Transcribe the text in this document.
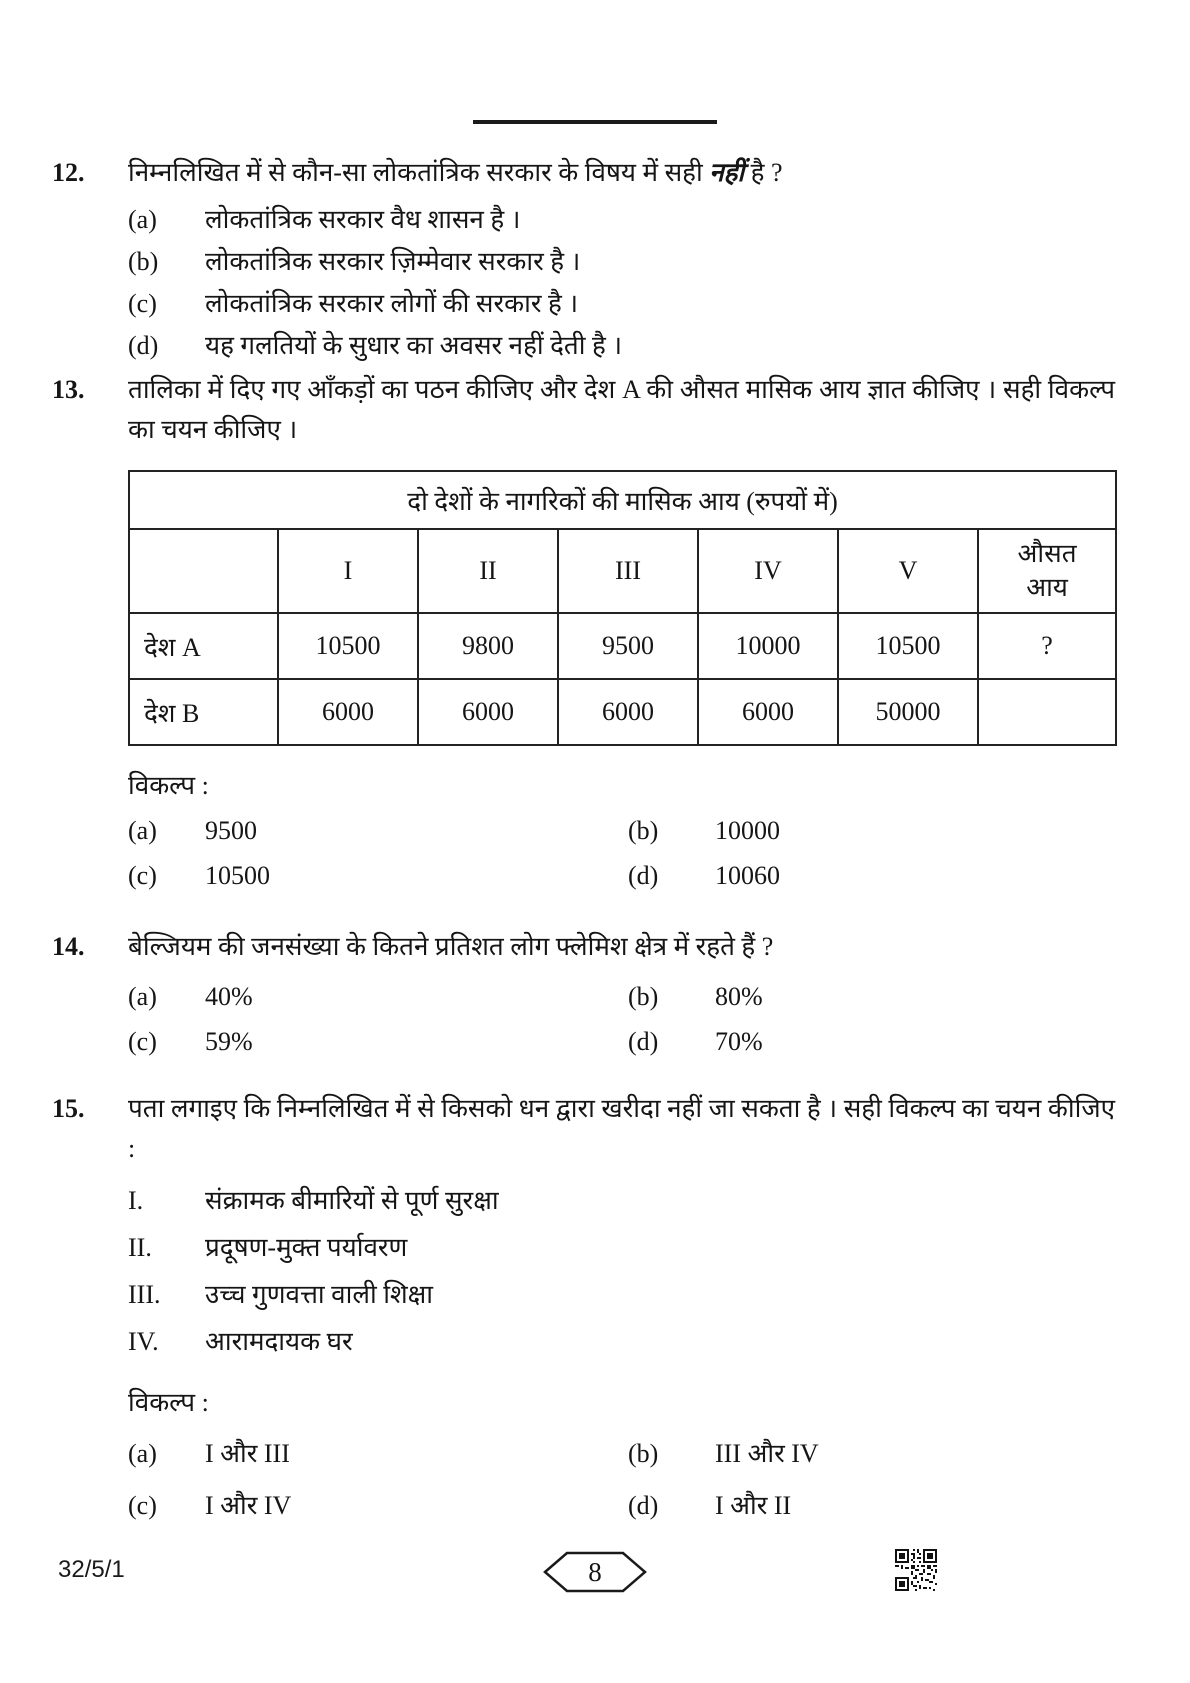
12.	निम्नलिखित में से कौन-सा लोकतांत्रिक सरकार के विषय में सही नहीं है ?
(a)	लोकतांत्रिक सरकार वैध शासन है ।
(b)	लोकतांत्रिक सरकार ज़िम्मेवार सरकार है ।
(c)	लोकतांत्रिक सरकार लोगों की सरकार है ।
(d)	यह गलतियों के सुधार का अवसर नहीं देती है ।
13.	तालिका में दिए गए आँकड़ों का पठन कीजिए और देश A की औसत मासिक आय ज्ञात कीजिए । सही विकल्प का चयन कीजिए ।
दो देशों के नागरिकों की मासिक आय (रुपयों में)						
	I	II	III	IV	V	औसत आय
देश A	10500	9800	9500	10000	10500	?
देश B	6000	6000	6000	6000	50000	
विकल्प :
(a)	9500	(b)	10000
(c)	10500	(d)	10060
14.	बेल्जियम की जनसंख्या के कितने प्रतिशत लोग फ्लेमिश क्षेत्र में रहते हैं ?
(a)	40%	(b)	80%
(c)	59%	(d)	70%
15.	पता लगाइए कि निम्नलिखित में से किसको धन द्वारा खरीदा नहीं जा सकता है । सही विकल्प का चयन कीजिए :
I.	संक्रामक बीमारियों से पूर्ण सुरक्षा
II.	प्रदूषण-मुक्त पर्यावरण
III.	उच्च गुणवत्ता वाली शिक्षा
IV.	आरामदायक घर
विकल्प :
(a)	I और III	(b)	III और IV
(c)	I और IV	(d)	I और II
32/5/1	8
